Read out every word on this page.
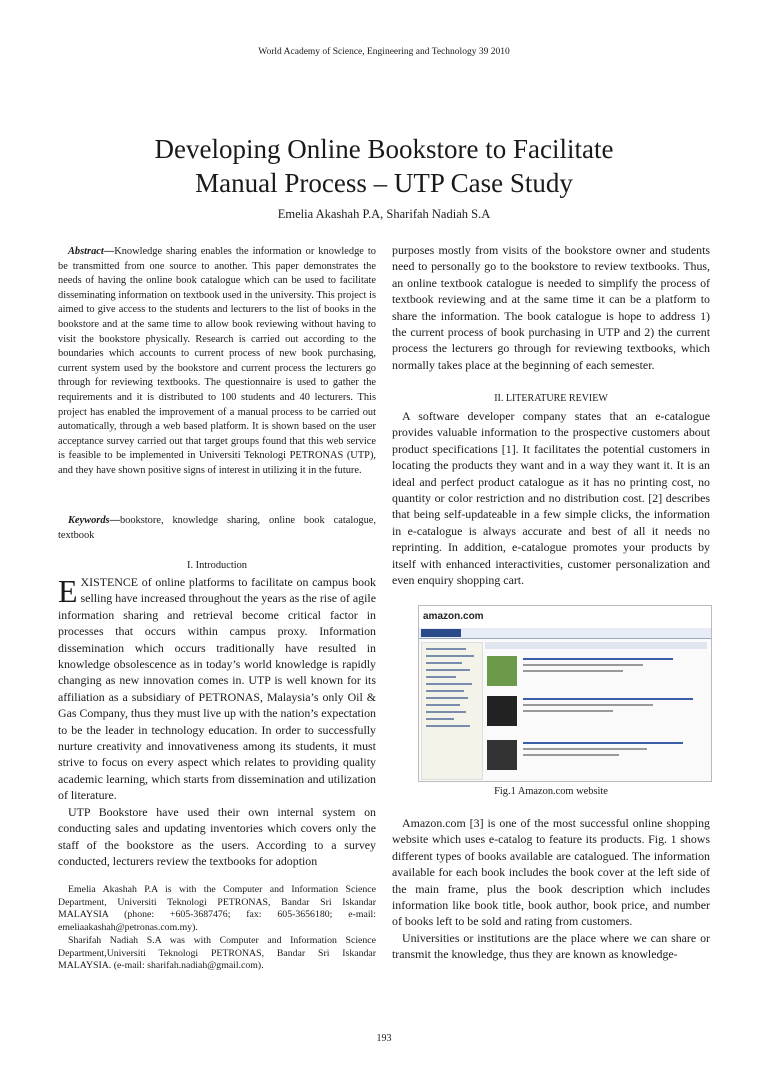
World Academy of Science, Engineering and Technology 39 2010
Developing Online Bookstore to Facilitate
Manual Process – UTP Case Study
Emelia Akashah P.A, Sharifah Nadiah S.A

Abstract—Knowledge sharing enables the information or knowledge to be transmitted from one source to another. This paper demonstrates the needs of having the online book catalogue which can be used to facilitate disseminating information on textbook used in the university. This project is aimed to give access to the students and lecturers to the list of books in the bookstore and at the same time to allow book reviewing without having to visit the bookstore physically. Research is carried out according to the boundaries which accounts to current process of new book purchasing, current system used by the bookstore and current process the lecturers go through for reviewing textbooks. The questionnaire is used to gather the requirements and it is distributed to 100 students and 40 lecturers. This project has enabled the improvement of a manual process to be carried out automatically, through a web based platform. It is shown based on the user acceptance survey carried out that target groups found that this web service is feasible to be implemented in Universiti Teknologi PETRONAS (UTP), and they have shown positive signs of interest in utilizing it in the future.

Keywords—bookstore, knowledge sharing, online book catalogue, textbook

I. Introduction

EXISTENCE of online platforms to facilitate on campus book selling have increased throughout the years as the rise of agile information sharing and retrieval become critical factor in processes that occurs within campus proxy. Information dissemination which occurs traditionally have resulted in knowledge obsolescence as in today’s world knowledge is rapidly changing as new innovation comes in. UTP is well known for its affiliation as a subsidiary of PETRONAS, Malaysia’s only Oil & Gas Company, thus they must live up with the nation’s expectation to be the leader in technology education. In order to successfully nurture creativity and innovativeness among its students, it must strive to focus on every aspect which relates to providing quality academic learning, which starts from dissemination and utilization of literature.

UTP Bookstore have used their own internal system on conducting sales and updating inventories which covers only the staff of the bookstore as the users. According to a survey conducted, lecturers review the textbooks for adoption

Emelia Akashah P.A is with the Computer and Information Science Department, Universiti Teknologi PETRONAS, Bandar Sri Iskandar MALAYSIA (phone: +605-3687476; fax: 605-3656180; e-mail: emeliaakashah@petronas.com.my).

Sharifah Nadiah S.A was with Computer and Information Science Department,Universiti Teknologi PETRONAS, Bandar Sri Iskandar MALAYSIA. (e-mail: sharifah.nadiah@gmail.com).

purposes mostly from visits of the bookstore owner and students need to personally go to the bookstore to review textbooks. Thus, an online textbook catalogue is needed to simplify the process of textbook reviewing and at the same time it can be a platform to share the information. The book catalogue is hope to address 1) the current process of book purchasing in UTP and 2) the current process the lecturers go through for reviewing textbooks, which normally takes place at the beginning of each semester.

II. LITERATURE REVIEW

A software developer company states that an e-catalogue provides valuable information to the prospective customers about product specifications [1]. It facilitates the potential customers in locating the products they want and in a way they want it. It is an ideal and perfect product catalogue as it has no printing cost, no quantity or color restriction and no distribution cost. [2] describes that being self-updateable in a few simple clicks, the information in e-catalogue is always accurate and best of all it needs no reprinting. In addition, e-catalogue promotes your products by itself with enhanced interactivities, customer personalization and even enquiry shopping cart.

amazon.com
Fig.1 Amazon.com website

Amazon.com [3] is one of the most successful online shopping website which uses e-catalog to feature its products. Fig. 1 shows different types of books available are catalogued. The information available for each book includes the book cover at the left side of the main frame, plus the book description which includes information like book title, book author, book price, and number of books left to be sold and rating from customers.

Universities or institutions are the place where we can share or transmit the knowledge, thus they are known as knowledge-

193
